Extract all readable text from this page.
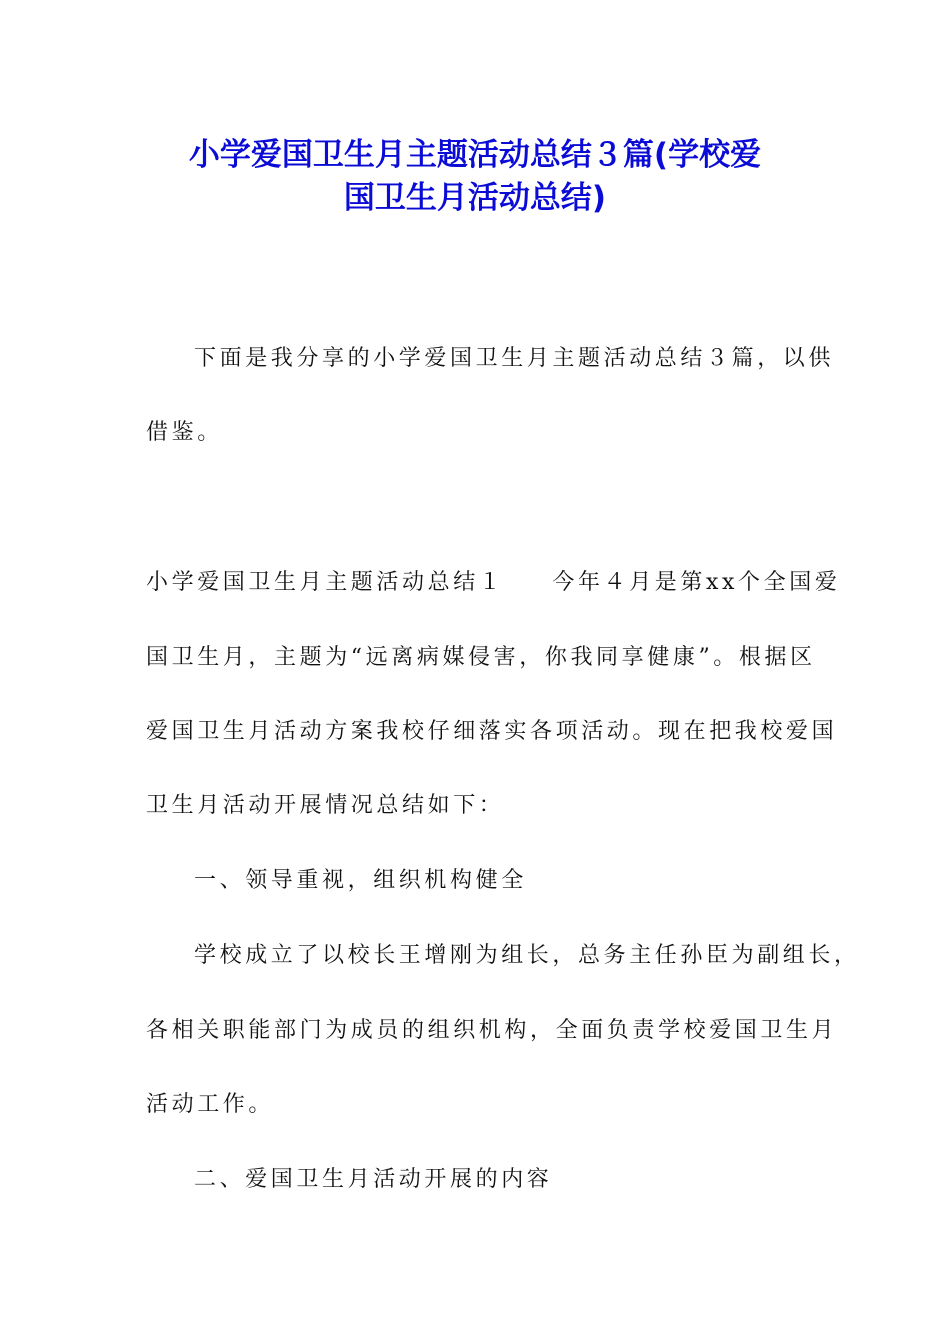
小学爱国卫生月主题活动总结３篇(学校爱
国卫生月活动总结)

下面是我分享的小学爱国卫生月主题活动总结３篇，以供

借鉴。

小学爱国卫生月主题活动总结１ 今年４月是第xx个全国爱

国卫生月，主题为“远离病媒侵害，你我同享健康”。根据区

爱国卫生月活动方案我校仔细落实各项活动。现在把我校爱国

卫生月活动开展情况总结如下：

一、领导重视，组织机构健全

学校成立了以校长王增刚为组长，总务主任孙臣为副组长，

各相关职能部门为成员的组织机构，全面负责学校爱国卫生月

活动工作。

二、爱国卫生月活动开展的内容
